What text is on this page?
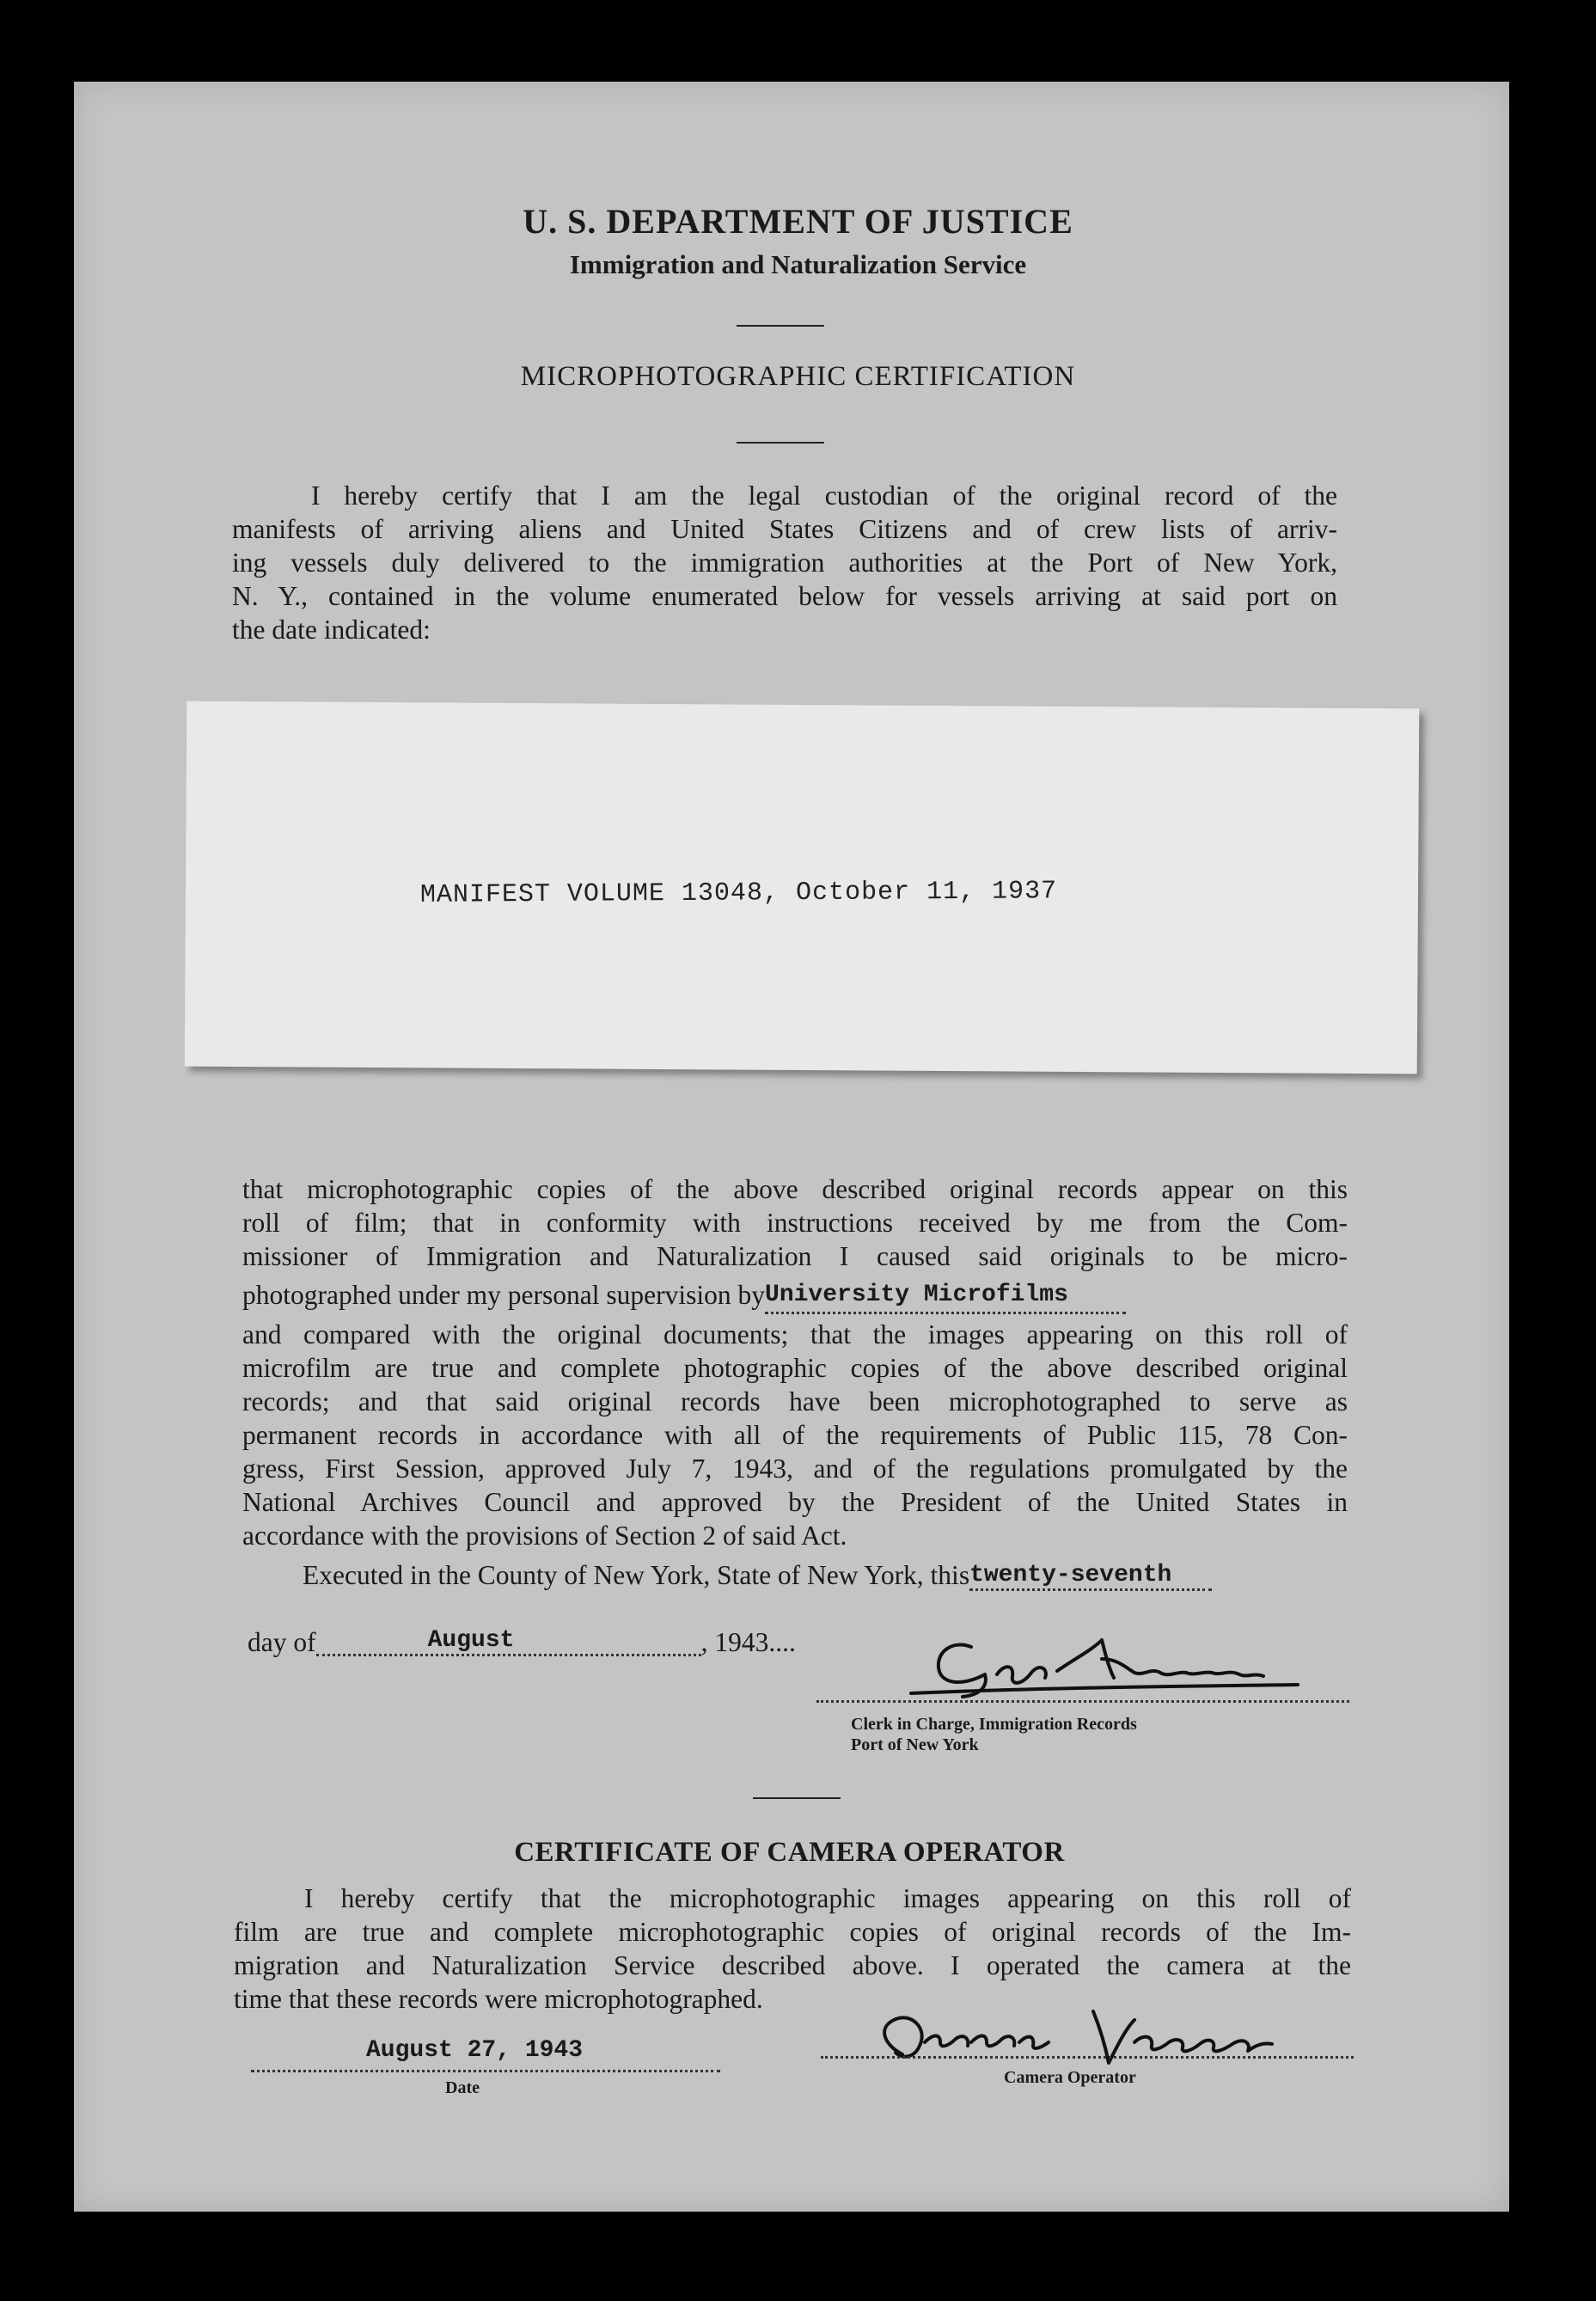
U. S. DEPARTMENT OF JUSTICE
Immigration and Naturalization Service
MICROPHOTOGRAPHIC CERTIFICATION
I hereby certify that I am the legal custodian of the original record of the
manifests of arriving aliens and United States Citizens and of crew lists of arriv-
ing vessels duly delivered to the immigration authorities at the Port of New York,
N. Y., contained in the volume enumerated below for vessels arriving at said port on
the date indicated:
MANIFEST VOLUME 13048, October 11, 1937
that microphotographic copies of the above described original records appear on this
roll of film; that in conformity with instructions received by me from the Com-
missioner of Immigration and Naturalization I caused said originals to be micro-
photographed under my personal supervision byUniversity Microfilms
and compared with the original documents; that the images appearing on this roll of
microfilm are true and complete photographic copies of the above described original
records; and that said original records have been microphotographed to serve as
permanent records in accordance with all of the requirements of Public 115, 78 Con-
gress, First Session, approved July 7, 1943, and of the regulations promulgated by the
National Archives Council and approved by the President of the United States in
accordance with the provisions of Section 2 of said Act.
Executed in the County of New York, State of New York, thistwenty-seventh
day of	August	, 1943....
Clerk in Charge, Immigration Records
Port of New York
CERTIFICATE OF CAMERA OPERATOR
I hereby certify that the microphotographic images appearing on this roll of
film are true and complete microphotographic copies of original records of the Im-
migration and Naturalization Service described above. I operated the camera at the
time that these records were microphotographed.
August 27, 1943
Date
Camera Operator
